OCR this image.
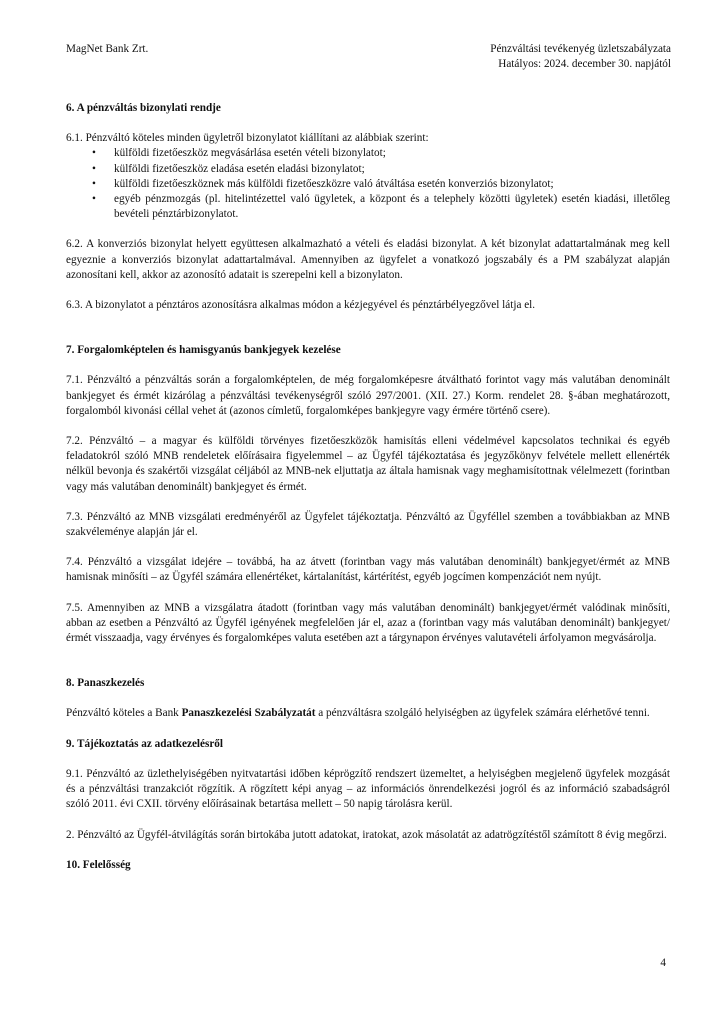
MagNet Bank Zrt.	Pénzváltási tevékenyég üzletszabályzata
Hatályos: 2024. december 30. napjától
6. A pénzváltás bizonylati rendje

6.1. Pénzváltó köteles minden ügyletről bizonylatot kiállítani az alábbiak szerint:

• külföldi fizetőeszköz megvásárlása esetén vételi bizonylatot;
• külföldi fizetőeszköz eladása esetén eladási bizonylatot;
• külföldi fizetőeszköznek más külföldi fizetőeszközre való átváltása esetén konverziós bizonylatot;
• egyéb pénzmozgás (pl. hitelintézettel való ügyletek, a központ és a telephely közötti ügyletek) esetén kiadási, illetőleg bevételi pénztárbizonylatot.

6.2. A konverziós bizonylat helyett együttesen alkalmazható a vételi és eladási bizonylat. A két bizonylat adattartalmának meg kell egyeznie a konverziós bizonylat adattartalmával. Amennyiben az ügyfelet a vonatkozó jogszabály és a PM szabályzat alapján azonosítani kell, akkor az azonosító adatait is szerepelni kell a bizonylaton.

6.3. A bizonylatot a pénztáros azonosításra alkalmas módon a kézjegyével és pénztárbélyegzővel látja el.

7. Forgalomképtelen és hamisgyanús bankjegyek kezelése

7.1. Pénzváltó a pénzváltás során a forgalomképtelen, de még forgalomképesre átváltható forintot vagy más valutában denominált bankjegyet és érmét kizárólag a pénzváltási tevékenységről szóló 297/2001. (XII. 27.) Korm. rendelet 28. §-ában meghatározott, forgalomból kivonási céllal vehet át (azonos címletű, forgalomképes bankjegyre vagy érmére történő csere).

7.2. Pénzváltó – a magyar és külföldi törvényes fizetőeszközök hamisítás elleni védelmével kapcsolatos technikai és egyéb feladatokról szóló MNB rendeletek előírásaira figyelemmel – az Ügyfél tájékoztatása és jegyzőkönyv felvétele mellett ellenérték nélkül bevonja és szakértői vizsgálat céljából az MNB-nek eljuttatja az általa hamisnak vagy meghamisítottnak vélelmezett (forintban vagy más valutában denominált) bankjegyet és érmét.

7.3. Pénzváltó az MNB vizsgálati eredményéről az Ügyfelet tájékoztatja. Pénzváltó az Ügyféllel szemben a továbbiakban az MNB szakvéleménye alapján jár el.

7.4. Pénzváltó a vizsgálat idejére – továbbá, ha az átvett (forintban vagy más valutában denominált) bankjegyet/érmét az MNB hamisnak minősíti – az Ügyfél számára ellenértéket, kártalanítást, kártérítést, egyéb jogcímen kompenzációt nem nyújt.

7.5. Amennyiben az MNB a vizsgálatra átadott (forintban vagy más valutában denominált) bankjegyet/érmét valódinak minősíti, abban az esetben a Pénzváltó az Ügyfél igényének megfelelően jár el, azaz a (forintban vagy más valutában denominált) bankjegyet/érmét visszaadja, vagy érvényes és forgalomképes valuta esetében azt a tárgynapon érvényes valutavételi árfolyamon megvásárolja.

8. Panaszkezelés

Pénzváltó köteles a Bank Panaszkezelési Szabályzatát a pénzváltásra szolgáló helyiségben az ügyfelek számára elérhetővé tenni.

9. Tájékoztatás az adatkezelésről

9.1. Pénzváltó az üzlethelyiségében nyitvatartási időben képrögzítő rendszert üzemeltet, a helyiségben megjelenő ügyfelek mozgását és a pénzváltási tranzakciót rögzítik. A rögzített képi anyag – az információs önrendelkezési jogról és az információ szabadságról szóló 2011. évi CXII. törvény előírásainak betartása mellett – 50 napig tárolásra kerül.

2. Pénzváltó az Ügyfél-átvilágítás során birtokába jutott adatokat, iratokat, azok másolatát az adatrögzítéstől számított 8 évig megőrzi.

10. Felelősség
4
